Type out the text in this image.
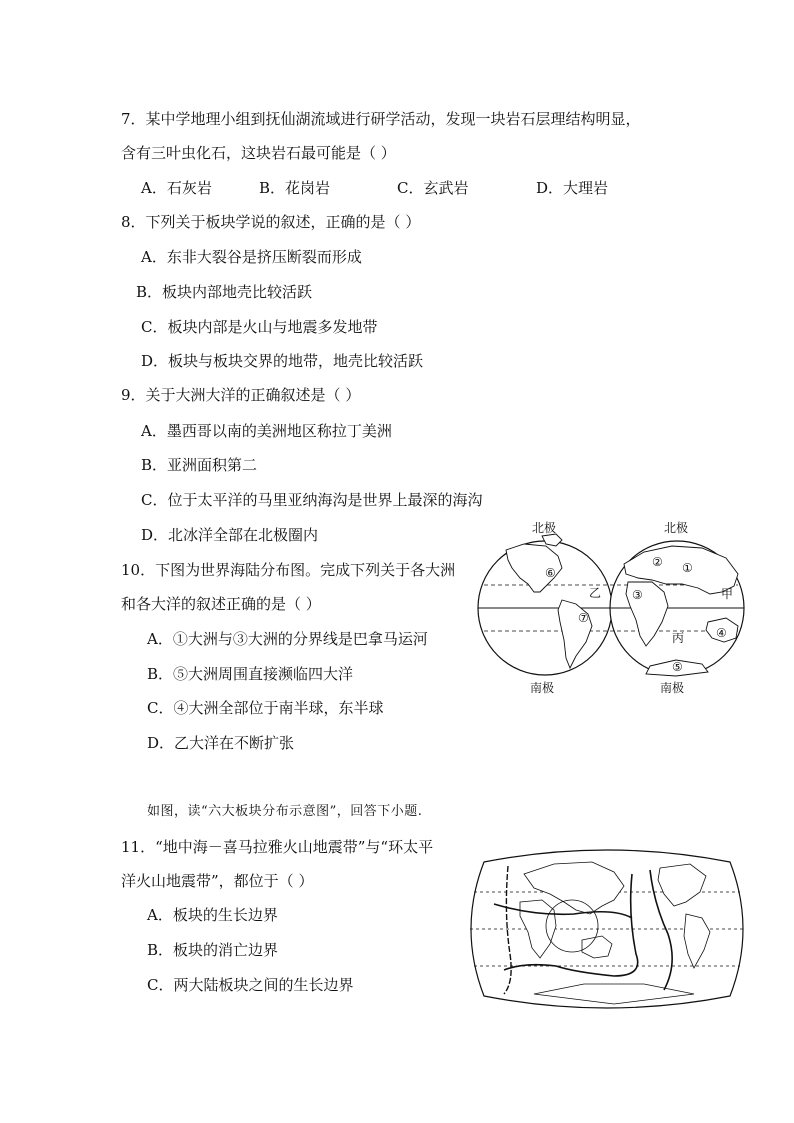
7．某中学地理小组到抚仙湖流域进行研学活动，发现一块岩石层理结构明显，
含有三叶虫化石，这块岩石最可能是（ ）
A．石灰岩	B．花岗岩	C．玄武岩	D．大理岩
8．下列关于板块学说的叙述，正确的是（ ）
A．东非大裂谷是挤压断裂而形成
B．板块内部地壳比较活跃
C．板块内部是火山与地震多发地带
D．板块与板块交界的地带，地壳比较活跃
9．关于大洲大洋的正确叙述是（ ）
A．墨西哥以南的美洲地区称拉丁美洲
B．亚洲面积第二
C．位于太平洋的马里亚纳海沟是世界上最深的海沟
D．北冰洋全部在北极圈内
10．下图为世界海陆分布图。完成下列关于各大洲
和各大洋的叙述正确的是（ ）
A．①大洲与③大洲的分界线是巴拿马运河
B．⑤大洲周围直接濒临四大洋
C．④大洲全部位于南半球，东半球
D．乙大洋在不断扩张
北极	北极
南极	南极
⑥
⑦
乙
② ①
③	甲
丙	④
⑤
如图，读“六大板块分布示意图”，回答下小题.
11．“地中海－喜马拉雅火山地震带”与“环太平
洋火山地震带”，都位于（ ）
A．板块的生长边界
B．板块的消亡边界
C．两大陆板块之间的生长边界
